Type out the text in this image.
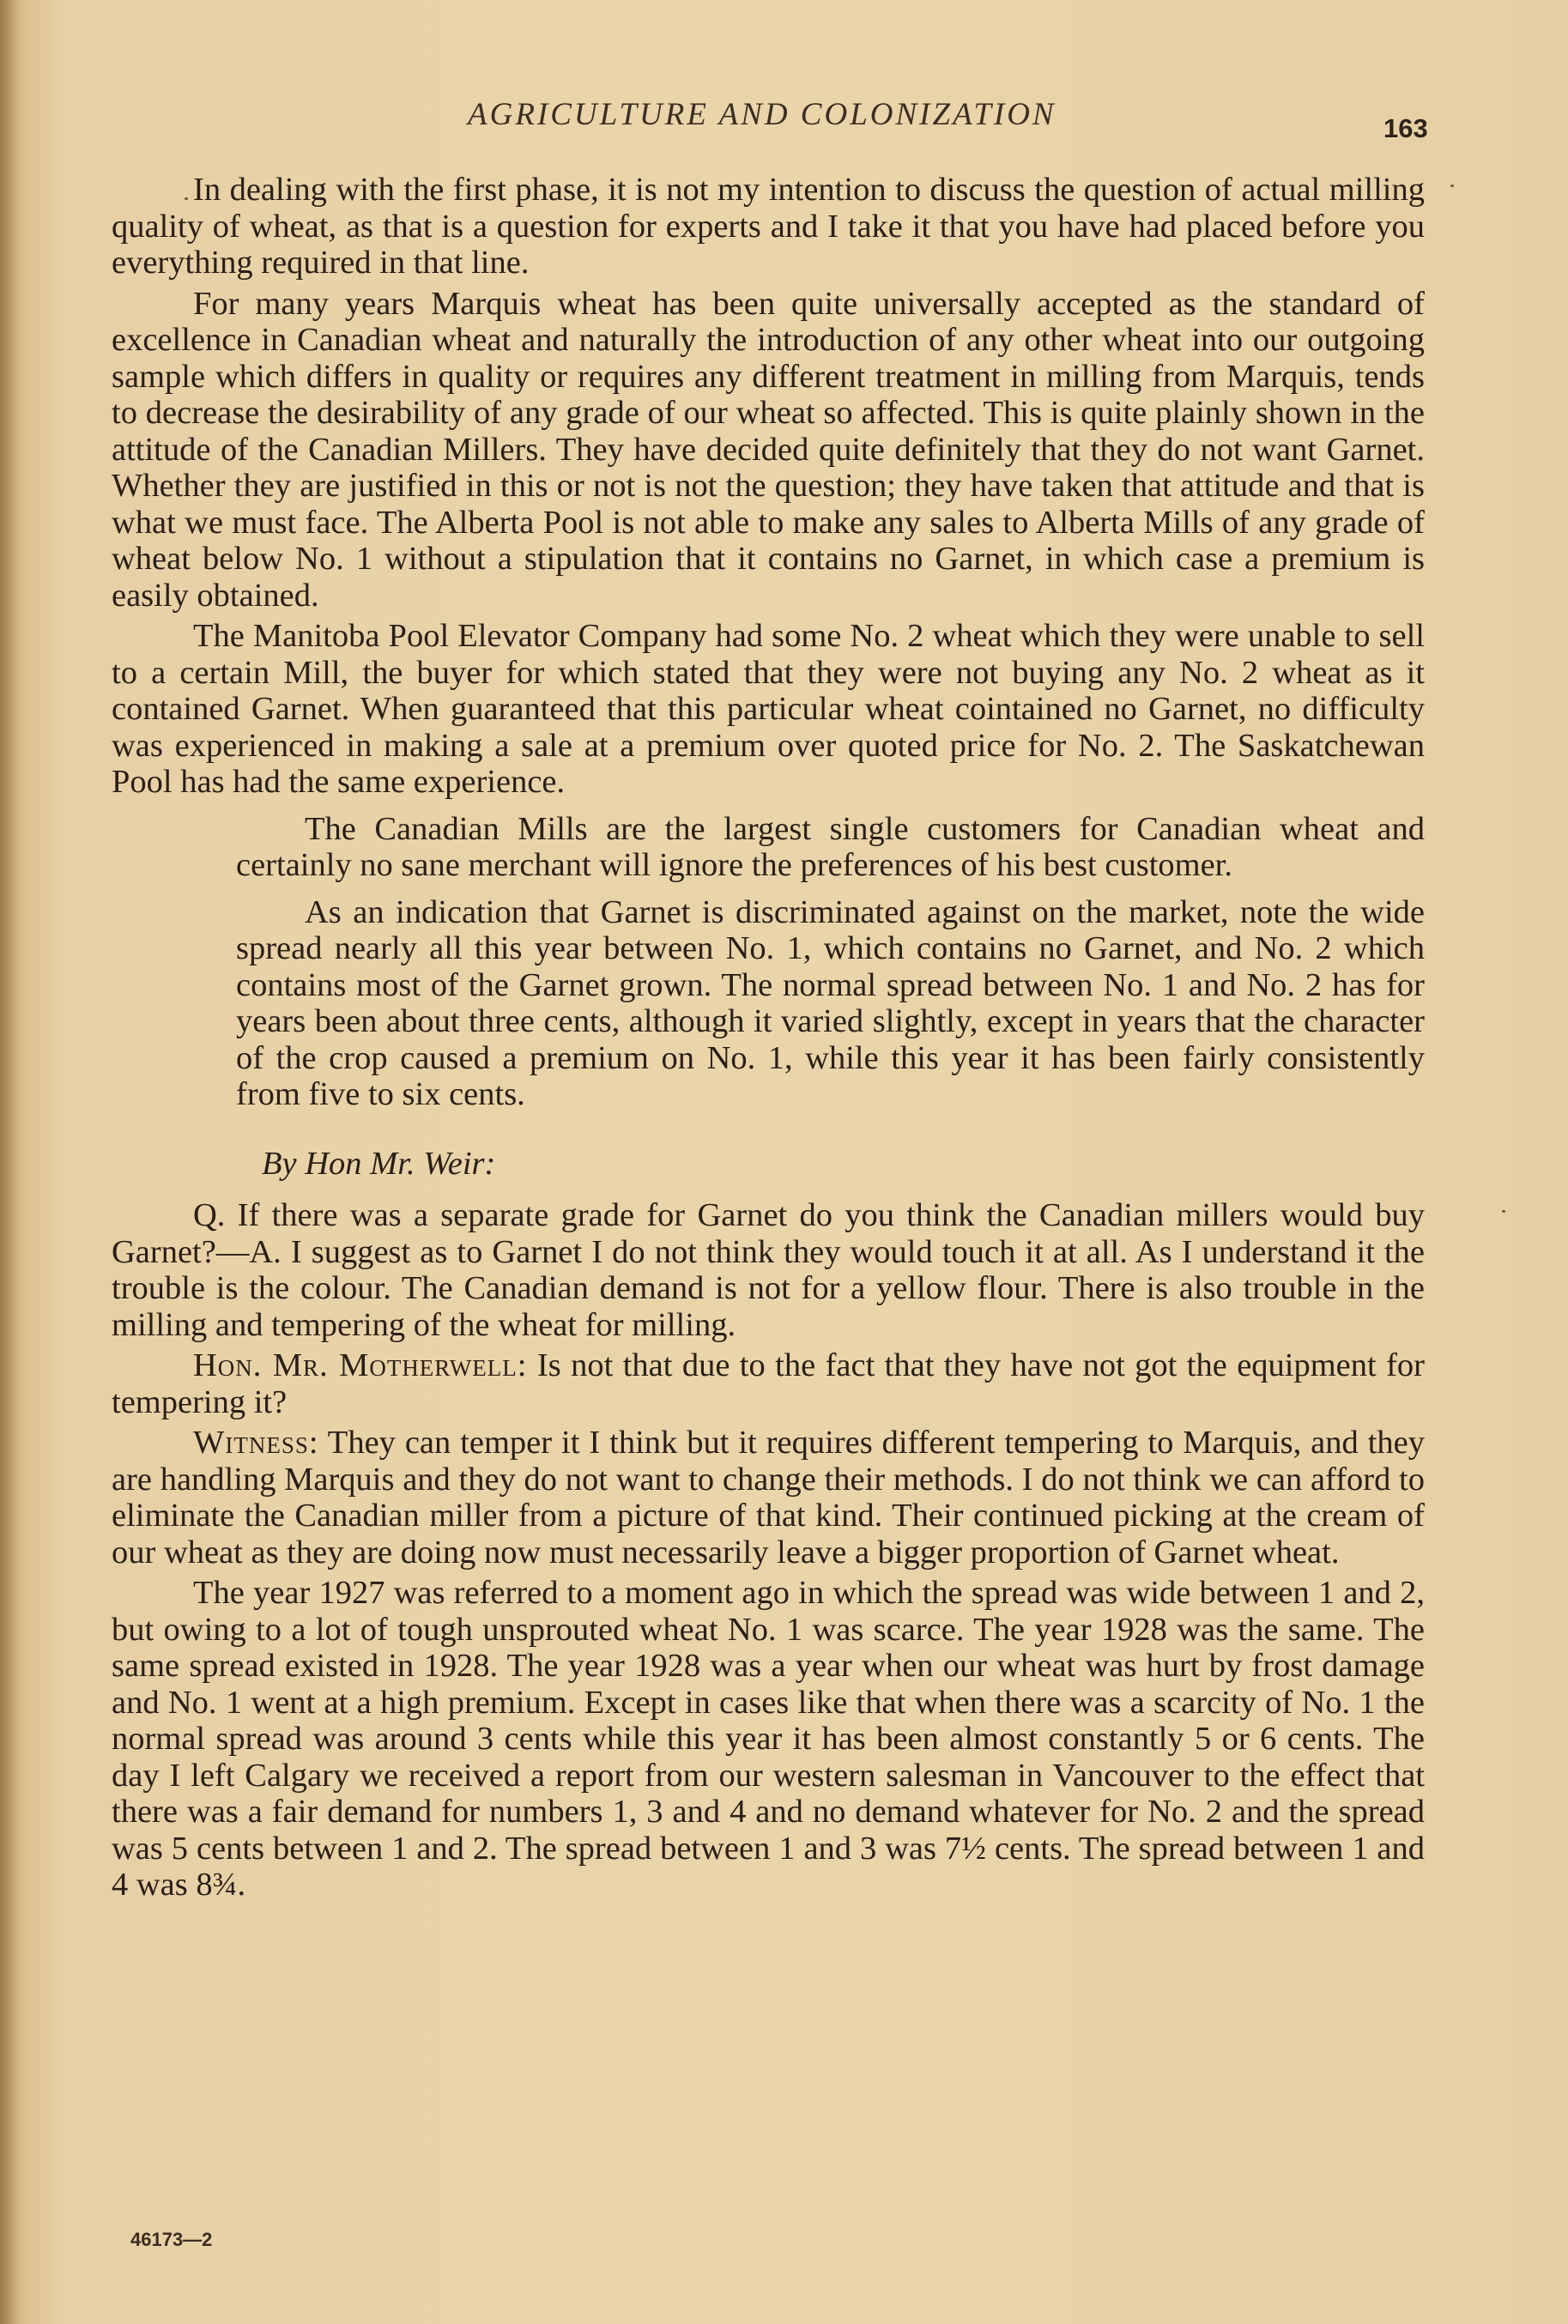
AGRICULTURE AND COLONIZATION	163

In dealing with the first phase, it is not my intention to discuss the question of actual milling quality of wheat, as that is a question for experts and I take it that you have had placed before you everything required in that line.

For many years Marquis wheat has been quite universally accepted as the standard of excellence in Canadian wheat and naturally the introduction of any other wheat into our outgoing sample which differs in quality or requires any different treatment in milling from Marquis, tends to decrease the desirability of any grade of our wheat so affected. This is quite plainly shown in the attitude of the Canadian Millers. They have decided quite definitely that they do not want Garnet. Whether they are justified in this or not is not the question; they have taken that attitude and that is what we must face. The Alberta Pool is not able to make any sales to Alberta Mills of any grade of wheat below No. 1 without a stipulation that it contains no Garnet, in which case a premium is easily obtained.

The Manitoba Pool Elevator Company had some No. 2 wheat which they were unable to sell to a certain Mill, the buyer for which stated that they were not buying any No. 2 wheat as it contained Garnet. When guaranteed that this particular wheat cointained no Garnet, no difficulty was experienced in making a sale at a premium over quoted price for No. 2. The Saskatchewan Pool has had the same experience.

The Canadian Mills are the largest single customers for Canadian wheat and certainly no sane merchant will ignore the preferences of his best customer.

As an indication that Garnet is discriminated against on the market, note the wide spread nearly all this year between No. 1, which contains no Garnet, and No. 2 which contains most of the Garnet grown. The normal spread between No. 1 and No. 2 has for years been about three cents, although it varied slightly, except in years that the character of the crop caused a premium on No. 1, while this year it has been fairly consistently from five to six cents.

By Hon Mr. Weir:

Q. If there was a separate grade for Garnet do you think the Canadian millers would buy Garnet?—A. I suggest as to Garnet I do not think they would touch it at all. As I understand it the trouble is the colour. The Canadian demand is not for a yellow flour. There is also trouble in the milling and tempering of the wheat for milling.

Hon. Mr. Motherwell: Is not that due to the fact that they have not got the equipment for tempering it?

Witness: They can temper it I think but it requires different tempering to Marquis, and they are handling Marquis and they do not want to change their methods. I do not think we can afford to eliminate the Canadian miller from a picture of that kind. Their continued picking at the cream of our wheat as they are doing now must necessarily leave a bigger proportion of Garnet wheat.

The year 1927 was referred to a moment ago in which the spread was wide between 1 and 2, but owing to a lot of tough unsprouted wheat No. 1 was scarce. The year 1928 was the same. The same spread existed in 1928. The year 1928 was a year when our wheat was hurt by frost damage and No. 1 went at a high premium. Except in cases like that when there was a scarcity of No. 1 the normal spread was around 3 cents while this year it has been almost constantly 5 or 6 cents. The day I left Calgary we received a report from our western salesman in Vancouver to the effect that there was a fair demand for numbers 1, 3 and 4 and no demand whatever for No. 2 and the spread was 5 cents between 1 and 2. The spread between 1 and 3 was 7½ cents. The spread between 1 and 4 was 8¾.

46173—2
